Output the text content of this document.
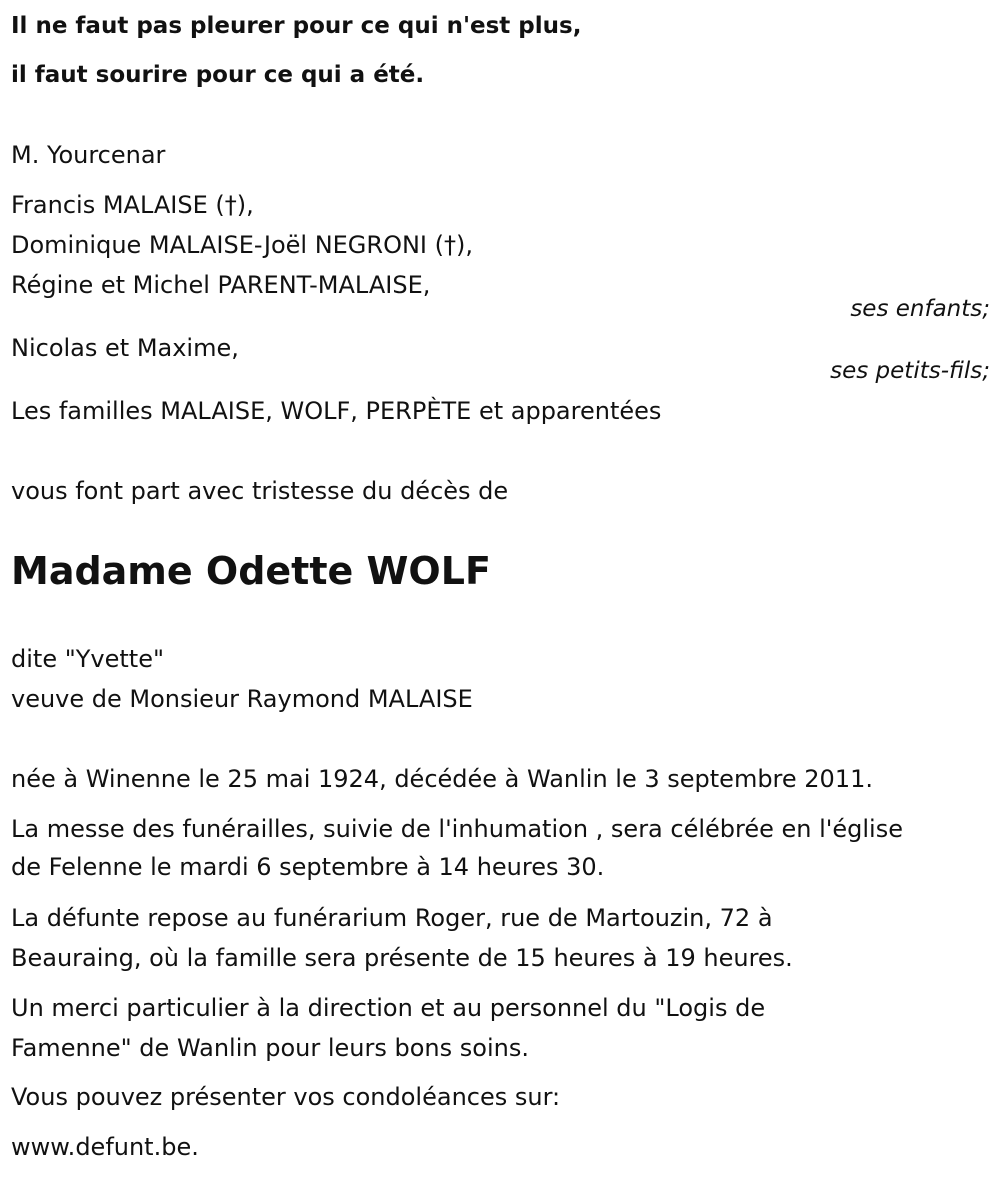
Il ne faut pas pleurer pour ce qui n'est plus,
il faut sourire pour ce qui a été.
M. Yourcenar
Francis MALAISE (†),
Dominique MALAISE-Joël NEGRONI (†),
Régine et Michel PARENT-MALAISE,
ses enfants;
Nicolas et Maxime,
ses petits-fils;
Les familles MALAISE, WOLF, PERPÈTE et apparentées
vous font part avec tristesse du décès de
Madame Odette WOLF
dite "Yvette"
veuve de Monsieur Raymond MALAISE
née à Winenne le 25 mai 1924, décédée à Wanlin le 3 septembre 2011.
La messe des funérailles, suivie de l'inhumation , sera célébrée en l'église
de Felenne le mardi 6 septembre à 14 heures 30.
La défunte repose au funérarium Roger, rue de Martouzin, 72 à
Beauraing, où la famille sera présente de 15 heures à 19 heures.
Un merci particulier à la direction et au personnel du "Logis de
Famenne" de Wanlin pour leurs bons soins.
Vous pouvez présenter vos condoléances sur:
www.defunt.be.
